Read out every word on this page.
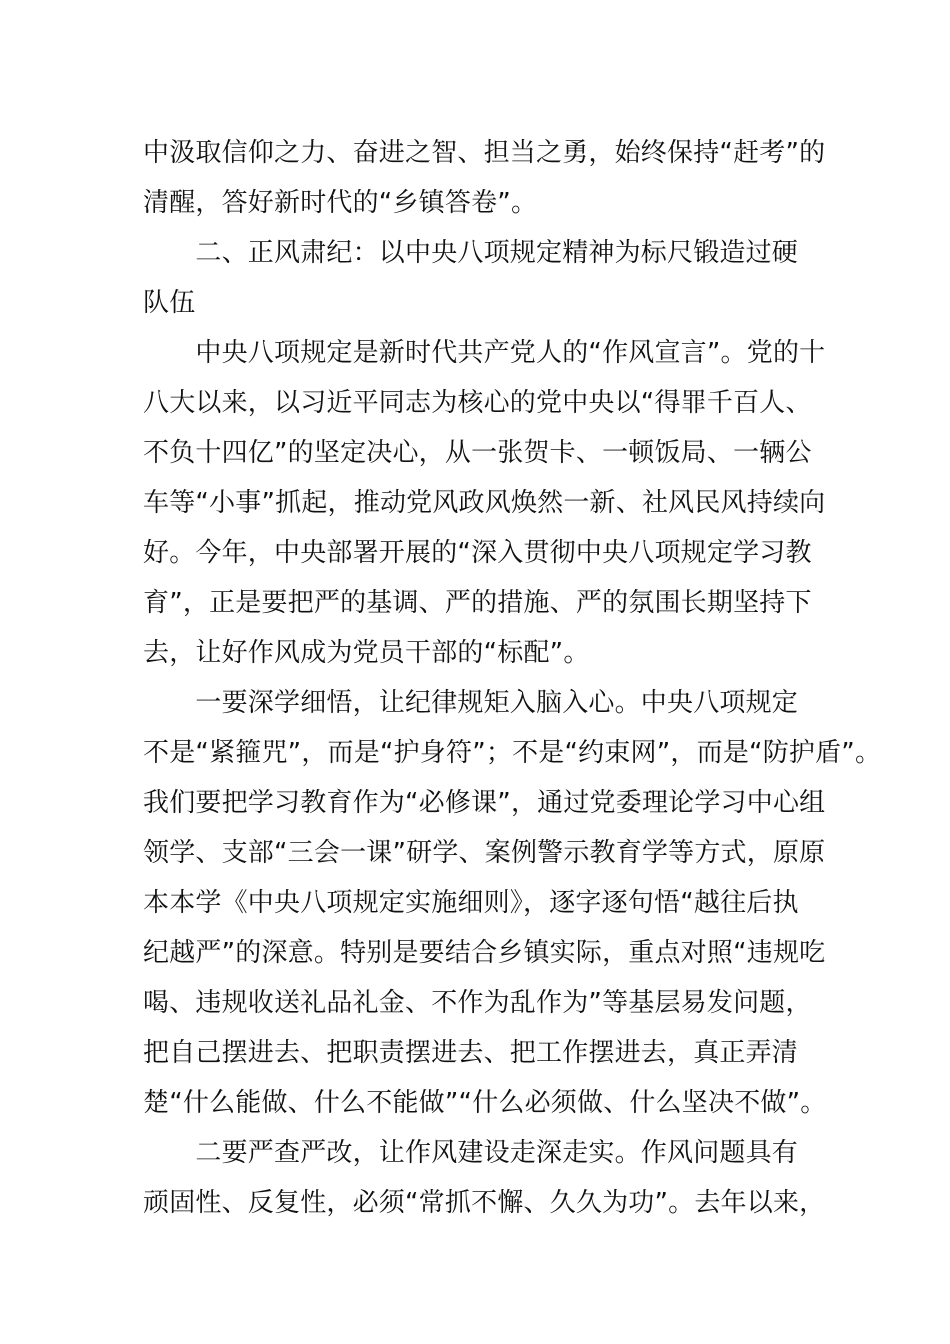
中汲取信仰之力、奋进之智、担当之勇，始终保持“赶考”的
清醒，答好新时代的“乡镇答卷”。

　　二、正风肃纪：以中央八项规定精神为标尺锻造过硬
队伍

　　中央八项规定是新时代共产党人的“作风宣言”。党的十
八大以来，以习近平同志为核心的党中央以“得罪千百人、
不负十四亿”的坚定决心，从一张贺卡、一顿饭局、一辆公
车等“小事”抓起，推动党风政风焕然一新、社风民风持续向
好。今年，中央部署开展的“深入贯彻中央八项规定学习教
育”，正是要把严的基调、严的措施、严的氛围长期坚持下
去，让好作风成为党员干部的“标配”。

　　一要深学细悟，让纪律规矩入脑入心。中央八项规定
不是“紧箍咒”，而是“护身符”；不是“约束网”，而是“防护盾”。
我们要把学习教育作为“必修课”，通过党委理论学习中心组
领学、支部“三会一课”研学、案例警示教育学等方式，原原
本本学《中央八项规定实施细则》，逐字逐句悟“越往后执
纪越严”的深意。特别是要结合乡镇实际，重点对照“违规吃
喝、违规收送礼品礼金、不作为乱作为”等基层易发问题，
把自己摆进去、把职责摆进去、把工作摆进去，真正弄清
楚“什么能做、什么不能做”“什么必须做、什么坚决不做”。

　　二要严查严改，让作风建设走深走实。作风问题具有
顽固性、反复性，必须“常抓不懈、久久为功”。去年以来，
